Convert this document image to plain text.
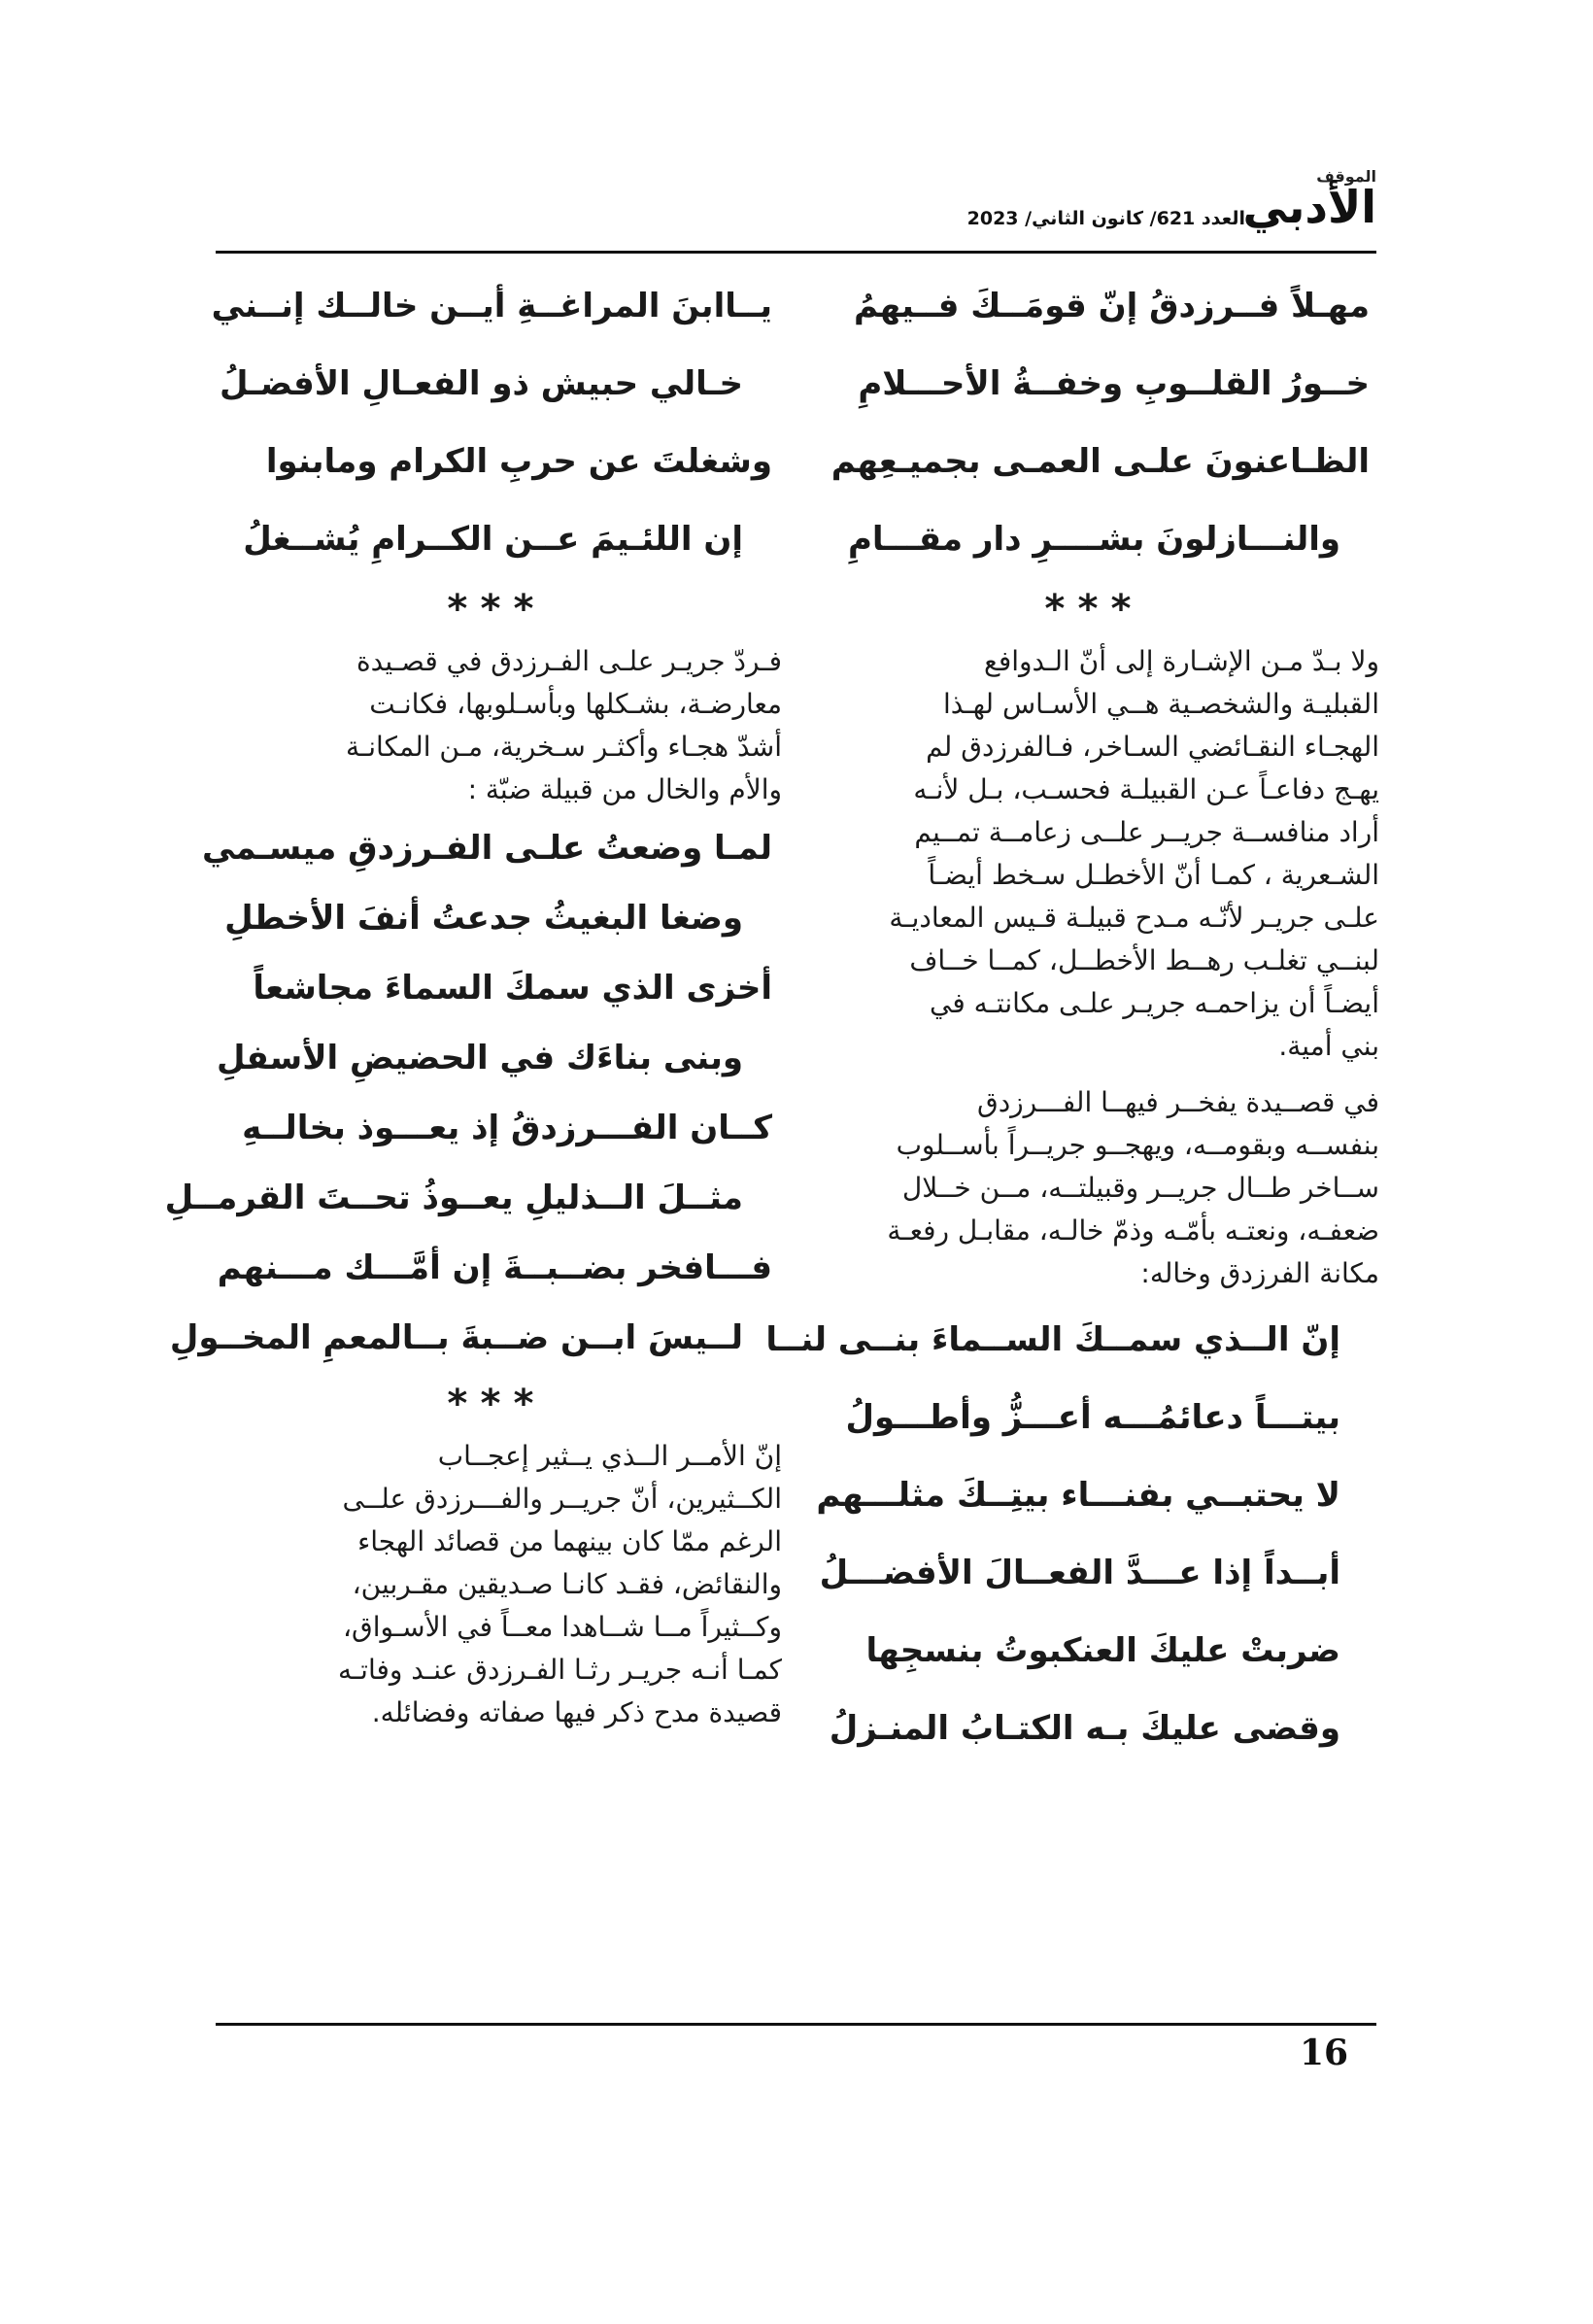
الموقف
الأدبي
العدد 621/ كانون الثاني/ 2023
مهـلاً فــرزدقُ إنّ قومَــكَ فــيهمُ
خــورُ القلــوبِ وخفــةُ الأحـــلامِ
الظـاعنونَ علـى العمـى بجميـعِهم
والنـــازلونَ بشــــرِ دار مقـــامِ
***

ولا بـدّ مـن الإشـارة إلى أنّ الـدوافع
القبليـة والشخصـية هــي الأسـاس لهـذا
الهجـاء النقـائضي السـاخر، فـالفرزدق لم
يهـج دفاعـاً عـن القبيلـة فحسـب، بـل لأنـه
أراد منافســة جريــر علــى زعامــة تمــيم
الشـعرية ، كمـا أنّ الأخطـل سـخط أيضـاً
علـى جريـر لأنّـه مـدح قبيلـة قـيس المعاديـة
لبنــي تغلـب رهــط الأخطــل، كمــا خــاف
أيضـاً أن يزاحمـه جريـر علـى مكانتـه في
بني أمية.

في قصــيدة يفخــر فيهــا الفـــرزدق
بنفســه وبقومــه، ويهجــو جريــراً بأســلوب
ســاخر طــال جريــر وقبيلتــه، مــن خــلال
ضعفـه، ونعتـه بأمّـه وذمّ خالـه، مقابـل رفعـة
مكانة الفرزدق وخاله:

إنّ الــذي سمــكَ الســماءَ بنــى لنــا
بيتـــاً دعائمُـــه أعـــزُّ وأطـــولُ
لا يحتبــي بفنـــاء بيتِــكَ مثلـــهم
أبــداً إذا عـــدَّ الفعــالَ الأفضـــلُ
ضربتْ عليكَ العنكبوتُ بنسجِها
وقضى عليكَ بـه الكتـابُ المنـزلُ
يــاابنَ المراغــةِ أيــن خالــك إنــني
خـالي حبيش ذو الفعـالِ الأفضـلُ
وشغلتَ عن حربِ الكرام ومابنوا
إن اللئـيمَ عــن الكــرامِ يُشــغلُ
***

فـردّ جريـر علـى الفـرزدق في قصـيدة
معارضـة، بشـكلها وبأسـلوبها، فكانـت
أشدّ هجـاء وأكثـر سـخرية، مـن المكانـة
والأم والخال من قبيلة ضبّة :

لمـا وضعتُ علـى الفـرزدقِ ميسـمي
وضغا البغيثُ جدعتُ أنفَ الأخطلِ
أخزى الذي سمكَ السماءَ مجاشعاً
وبنى بناءَك في الحضيضِ الأسفلِ
كــان الفـــرزدقُ إذ يعـــوذ بخالــهِ
مثــلَ الــذليلِ يعــوذُ تحــتَ القرمــلِ
فـــافخر بضــبــةَ إن أمَّـــك مـــنهم
لــيسَ ابــن ضــبةَ بــالمعمِ المخــولِ
***

إنّ الأمــر الــذي يــثير إعجــاب
الكــثيرين، أنّ جريــر والفـــرزدق علــى
الرغم ممّا كان بينهما من قصائد الهجاء
والنقائض، فقـد كانـا صـديقين مقـربين،
وكــثيراً مــا شــاهدا معــاً في الأسـواق،
كمـا أنـه جريـر رثـا الفـرزدق عنـد وفاتـه
قصيدة مدح ذكر فيها صفاته وفضائله.

16
